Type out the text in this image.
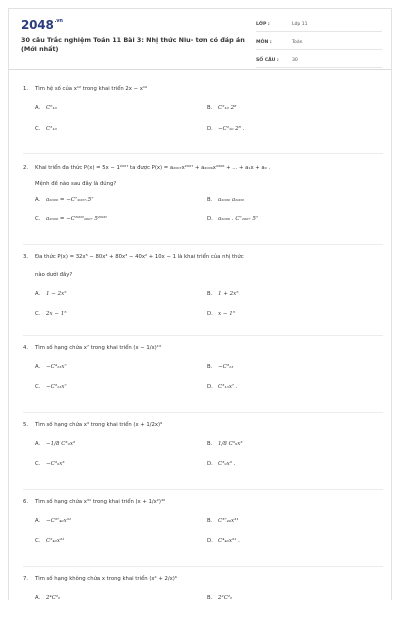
$2048^{.vn}$
30 câu Trắc nghiệm Toán 11 Bài 3: Nhị thức Niu- tơn có đáp án (Mới nhất)
LỚP :	Lớp 11
MÔN :	Toán
SỐ CÂU :	30
1. Tìm hệ số của x¹² trong khai triển 2x − x¹⁰
A. C⁶₁₀	B. C²₁₀ 2⁸
C. C²₁₀	D. −C²₁₀ 2⁸ .
2. Khai triển đa thức P(x) = 5x − 1²⁰⁰⁷ ta được P(x) = a₂₀₀₇x²⁰⁰⁷ + a₂₀₀₆x²⁰⁰⁶ + ... + a₁x + a₀ .
Mệnh đề nào sau đây là đúng?
A. a₂₀₀₀ = −C⁷₂₀₀₇.5⁷	B. a₂₀₀₀ a₂₀₀₀
C. a₂₀₀₀ = −C²⁰⁰⁰₂₀₀₇ 5²⁰⁰⁰	D. a₂₀₀₀ . C⁷₂₀₀₇ 5⁷
3. Đa thức P(x) = 32x⁵ − 80x⁴ + 80x³ − 40x² + 10x − 1 là khai triển của nhị thức
nào dưới đây?
A. 1 − 2x⁵	B. 1 + 2x⁵
C. 2x − 1⁵	D. x − 1⁵
4. Tìm số hạng chứa x⁷ trong khai triển (x − 1/x)¹³
A. −C⁴₁₃x⁷	B. −C³₁₃
C. −C³₁₃x⁷	D. C³₁₃x⁷ .
5. Tìm số hạng chứa x³ trong khai triển (x + 1/2x)⁹
A. −1/8 C³₉x³	B. 1/8 C³₉x³
C. −C³₉x³	D. C³₉x³ .
6. Tìm số hạng chứa x³¹ trong khai triển (x + 1/x²)⁴⁰
A. −C³⁷₄₀x³¹	B. C³⁷₄₀x³¹
C. C²₄₀x³¹	D. C⁴₄₀x³¹ .
7. Tìm số hạng không chứa x trong khai triển (x² + 2/x)⁶
A. 2⁴C²₆	B. 2²C²₆
